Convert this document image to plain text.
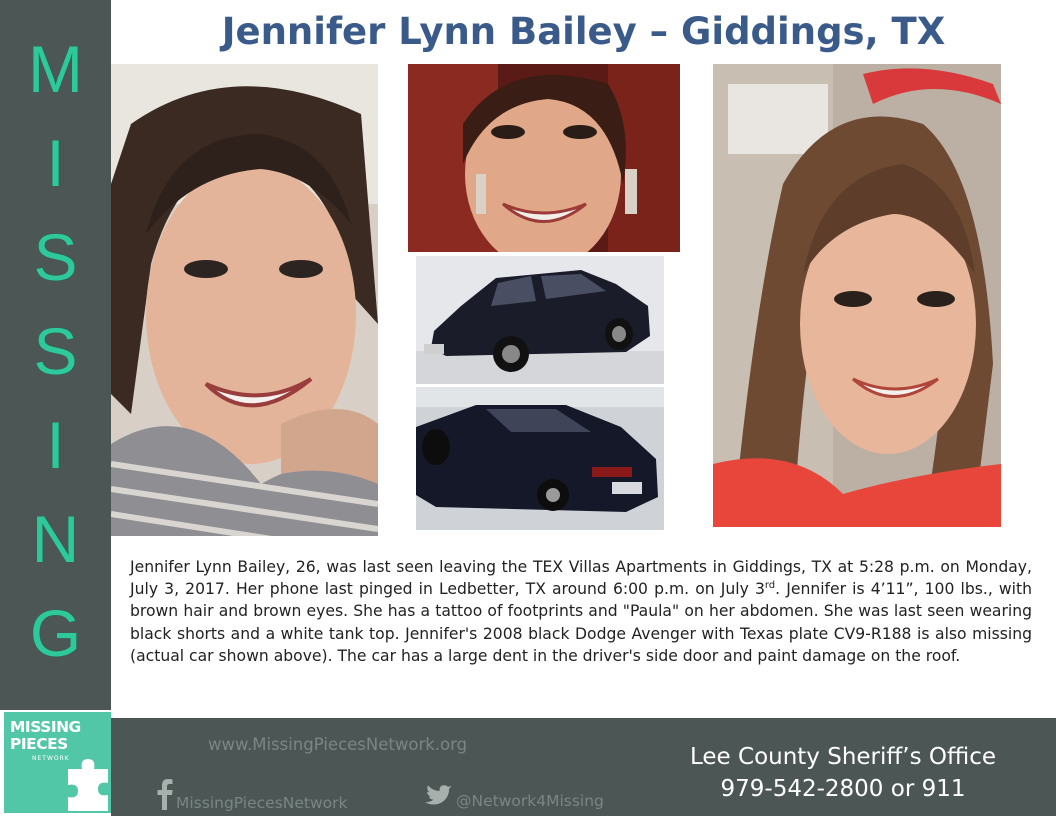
M
I
S
S
I
N
G
Jennifer Lynn Bailey – Giddings, TX
Jennifer Lynn Bailey, 26, was last seen leaving the TEX Villas Apartments in Giddings, TX at 5:28 p.m. on Monday, July 3, 2017. Her phone last pinged in Ledbetter, TX around 6:00 p.m. on July 3rd. Jennifer is 4’11”, 100 lbs., with brown hair and brown eyes. She has a tattoo of footprints and "Paula" on her abdomen. She was last seen wearing black shorts and a white tank top. Jennifer's 2008 black Dodge Avenger with Texas plate CV9-R188 is also missing (actual car shown above). The car has a large dent in the driver's side door and paint damage on the roof.
MISSING
PIECES
NETWORK
www.MissingPiecesNetwork.org
MissingPiecesNetwork	@Network4Missing
Lee County Sheriff’s Office
979-542-2800 or 911
